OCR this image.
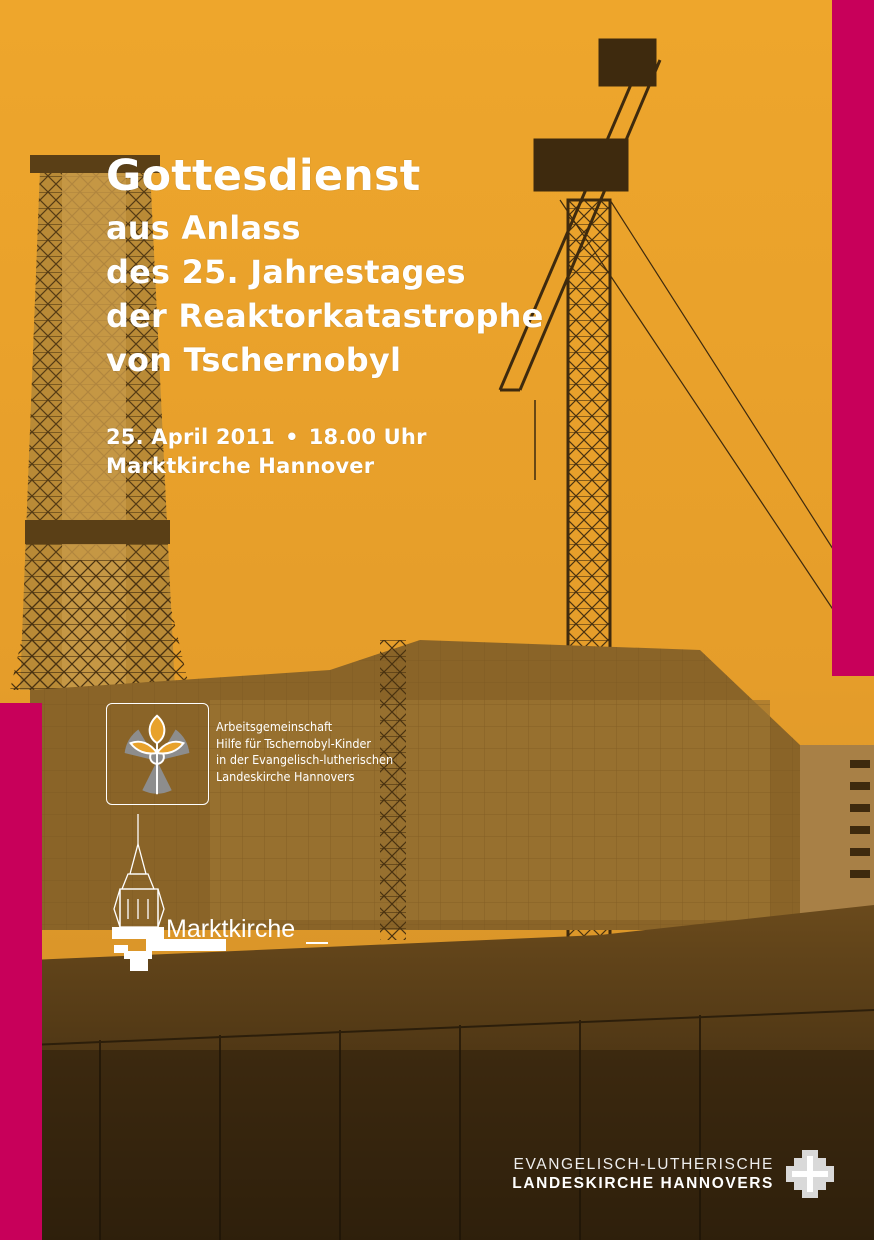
Gottesdienst
aus Anlass
des 25. Jahrestages
der Reaktorkatastrophe
von Tschernobyl
25. April 2011 • 18.00 Uhr
Marktkirche Hannover
Arbeitsgemeinschaft
Hilfe für Tschernobyl-Kinder
in der Evangelisch-lutherischen
Landeskirche Hannovers
Marktkirche
EVANGELISCH-LUTHERISCHE
LANDESKIRCHE HANNOVERS
